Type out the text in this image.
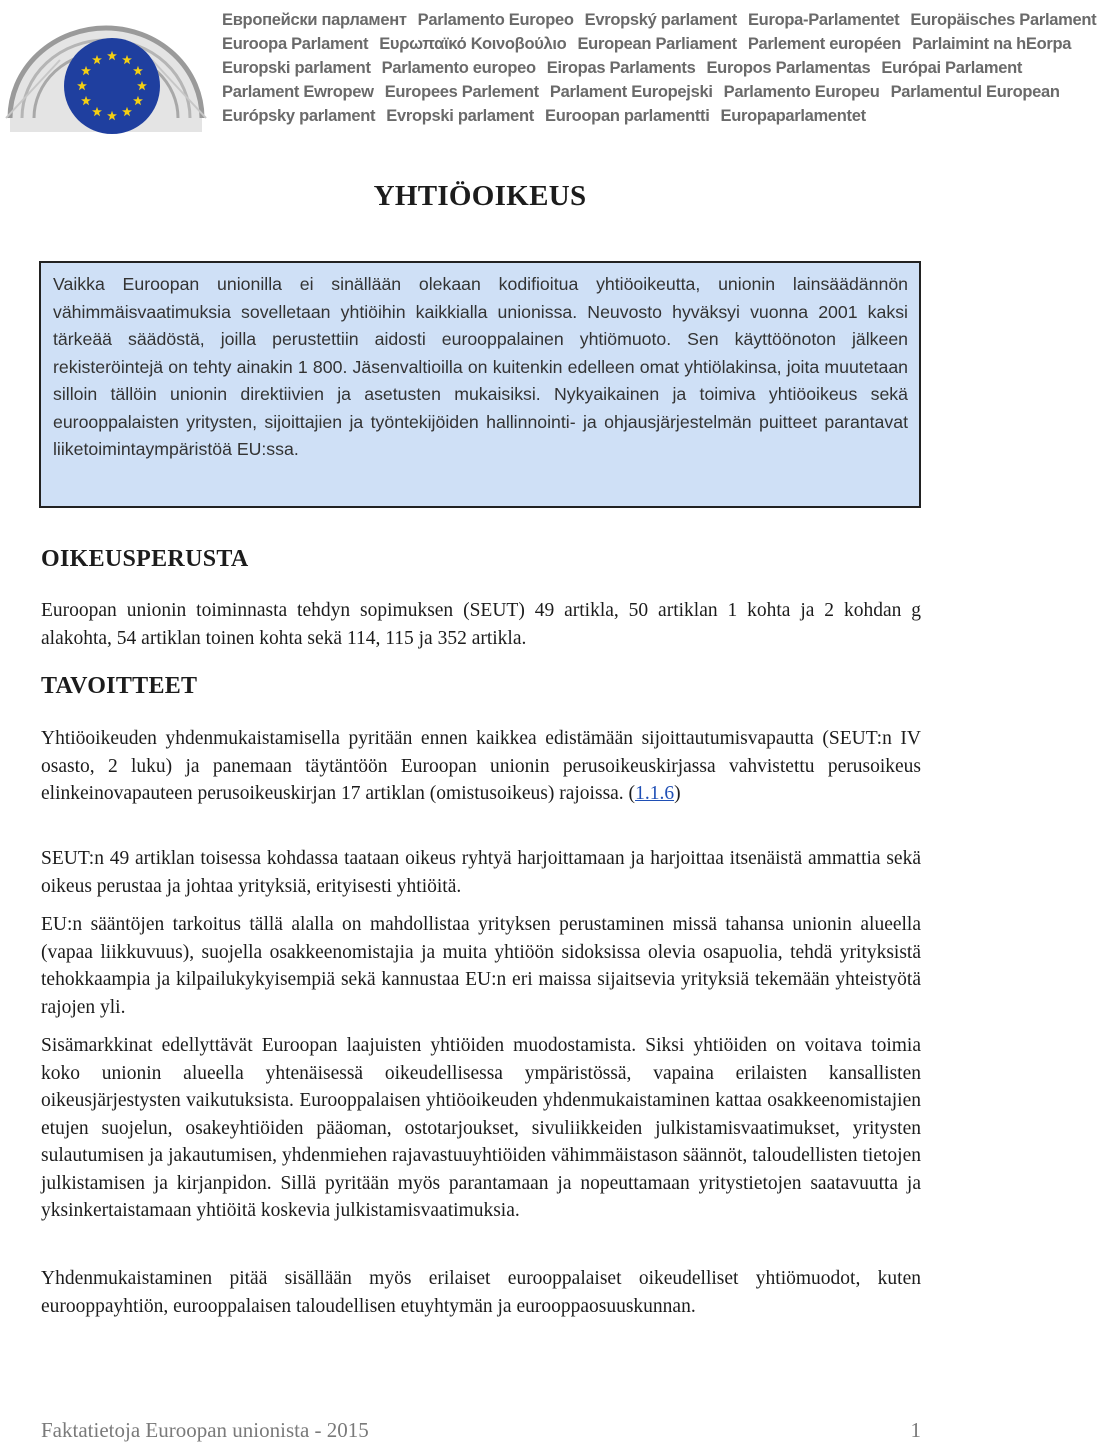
Европейски парламент Parlamento Europeo Evropský parlament Europa-Parlamentet Europäisches Parlament
Euroopa Parlament Ευρωπαϊκό Κοινοβούλιο European Parliament Parlement européen Parlaimint na hEorpa
Europski parlament Parlamento europeo Eiropas Parlaments Europos Parlamentas Európai Parlament
Parlament Ewropew Europees Parlement Parlament Europejski Parlamento Europeu Parlamentul European
Európsky parlament Evropski parlament Euroopan parlamentti Europaparlamentet
YHTIÖOIKEUS
Vaikka Euroopan unionilla ei sinällään olekaan kodifioitua yhtiöoikeutta, unionin lainsäädännön vähimmäisvaatimuksia sovelletaan yhtiöihin kaikkialla unionissa. Neuvosto hyväksyi vuonna 2001 kaksi tärkeää säädöstä, joilla perustettiin aidosti eurooppalainen yhtiömuoto. Sen käyttöönoton jälkeen rekisteröintejä on tehty ainakin 1 800. Jäsenvaltioilla on kuitenkin edelleen omat yhtiölakinsa, joita muutetaan silloin tällöin unionin direktiivien ja asetusten mukaisiksi. Nykyaikainen ja toimiva yhtiöoikeus sekä eurooppalaisten yritysten, sijoittajien ja työntekijöiden hallinnointi- ja ohjausjärjestelmän puitteet parantavat liiketoimintaympäristöä EU:ssa.
OIKEUSPERUSTA

Euroopan unionin toiminnasta tehdyn sopimuksen (SEUT) 49 artikla, 50 artiklan 1 kohta ja 2 kohdan g alakohta, 54 artiklan toinen kohta sekä 114, 115 ja 352 artikla.

TAVOITTEET

Yhtiöoikeuden yhdenmukaistamisella pyritään ennen kaikkea edistämään sijoittautumisvapautta (SEUT:n IV osasto, 2 luku) ja panemaan täytäntöön Euroopan unionin perusoikeuskirjassa vahvistettu perusoikeus elinkeinovapauteen perusoikeuskirjan 17 artiklan (omistusoikeus) rajoissa. (1.1.6)

SEUT:n 49 artiklan toisessa kohdassa taataan oikeus ryhtyä harjoittamaan ja harjoittaa itsenäistä ammattia sekä oikeus perustaa ja johtaa yrityksiä, erityisesti yhtiöitä.

EU:n sääntöjen tarkoitus tällä alalla on mahdollistaa yrityksen perustaminen missä tahansa unionin alueella (vapaa liikkuvuus), suojella osakkeenomistajia ja muita yhtiöön sidoksissa olevia osapuolia, tehdä yrityksistä tehokkaampia ja kilpailukykyisempiä sekä kannustaa EU:n eri maissa sijaitsevia yrityksiä tekemään yhteistyötä rajojen yli.

Sisämarkkinat edellyttävät Euroopan laajuisten yhtiöiden muodostamista. Siksi yhtiöiden on voitava toimia koko unionin alueella yhtenäisessä oikeudellisessa ympäristössä, vapaina erilaisten kansallisten oikeusjärjestysten vaikutuksista. Eurooppalaisen yhtiöoikeuden yhdenmukaistaminen kattaa osakkeenomistajien etujen suojelun, osakeyhtiöiden pääoman, ostotarjoukset, sivuliikkeiden julkistamisvaatimukset, yritysten sulautumisen ja jakautumisen, yhdenmiehen rajavastuuyhtiöiden vähimmäistason säännöt, taloudellisten tietojen julkistamisen ja kirjanpidon. Sillä pyritään myös parantamaan ja nopeuttamaan yritystietojen saatavuutta ja yksinkertaistamaan yhtiöitä koskevia julkistamisvaatimuksia.

Yhdenmukaistaminen pitää sisällään myös erilaiset eurooppalaiset oikeudelliset yhtiömuodot, kuten eurooppayhtiön, eurooppalaisen taloudellisen etuyhtymän ja eurooppaosuuskunnan.

Faktatietoja Euroopan unionista - 2015	1
